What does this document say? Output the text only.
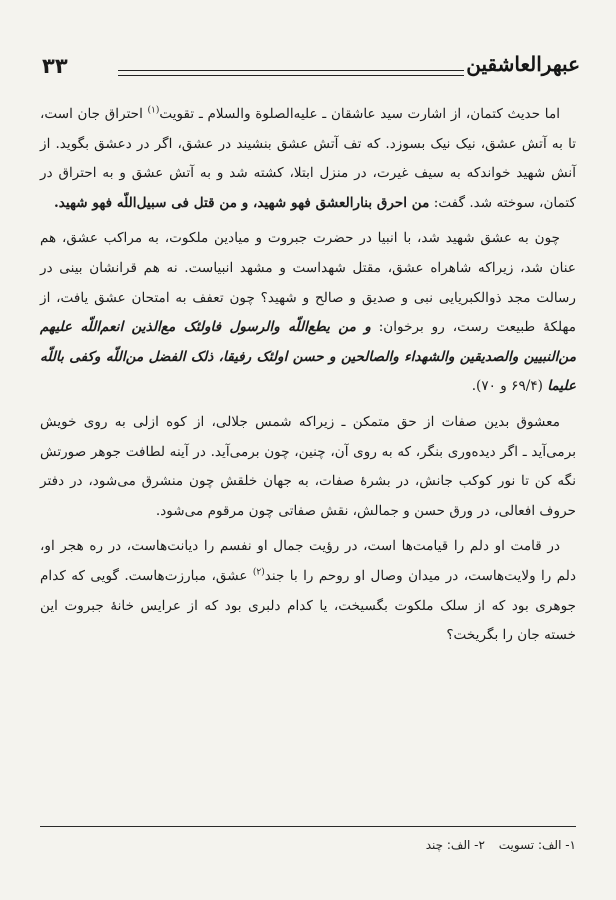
۳۳	عبهرالعاشقین

اما حدیث کتمان، از اشارت سید عاشقان ـ علیه‌الصلوة والسلام ـ تقویت$^{(۱)}$ احتراق جان است، تا به آتش عشق، نیک نیک بسوزد. که تف آتش عشق بنشیند در عشق، اگر در دعشق بگوید. از آنش شهید خواندکه به سیف غیرت، در منزل ابتلا، کشته شد و به آتش عشق و به احتراق در کتمان، سوخته شد. گفت: من احرق بنارالعشق فهو شهید، و من قتل فی سبیل‌اللّه فهو شهید.

چون به عشق شهید شد، با انبیا در حضرت جبروت و میادین ملکوت، به مراکب عشق، هم عنان شد، زیراکه شاهراه عشق، مقتل شهداست و مشهد انبیاست. نه هم قرانشان بینی در رسالت مجد ذوالکبریایی نبی و صدیق و صالح و شهید؟ چون تعفف به امتحان عشق یافت، از مهلکهٔ طبیعت رست، رو برخوان: و من یطع‌اللّه والرسول فاولئک مع‌الذین انعم‌اللّه علیهم من‌النبیین والصدیقین والشهداء والصالحین و حسن اولئک رفیقا، ذلک الفضل من‌اللّه وکفی باللّه علیما (۶۹/۴ و ۷۰).

معشوق بدین صفات از حق متمکن ـ زیراکه شمس جلالی، از کوه ازلی به روی خویش برمی‌آید ـ اگر دیده‌وری بنگر، که به روی آن، چنین، چون برمی‌آید. در آینه لطافت جوهر صورتش نگه کن تا نور کوکب جانش، در بشرهٔ صفات، به جهان خلقش چون منشرق می‌شود، در دفتر حروف افعالی، در ورق حسن و جمالش، نقش صفاتی چون مرقوم می‌شود.

در قامت او دلم را قیامت‌ها است، در رؤیت جمال او نفسم را دیانت‌هاست، در ره هجر او، دلم را ولایت‌هاست، در میدان وصال او روحم را با جند$^{(۲)}$ عشق، مبارزت‌هاست. گویی که کدام جوهری بود که از سلک ملکوت بگسیخت، یا کدام دلبری بود که از عرایس خانهٔ جبروت این خسته جان را بگریخت؟

۱- الف: تسویت ۲- الف: چند
